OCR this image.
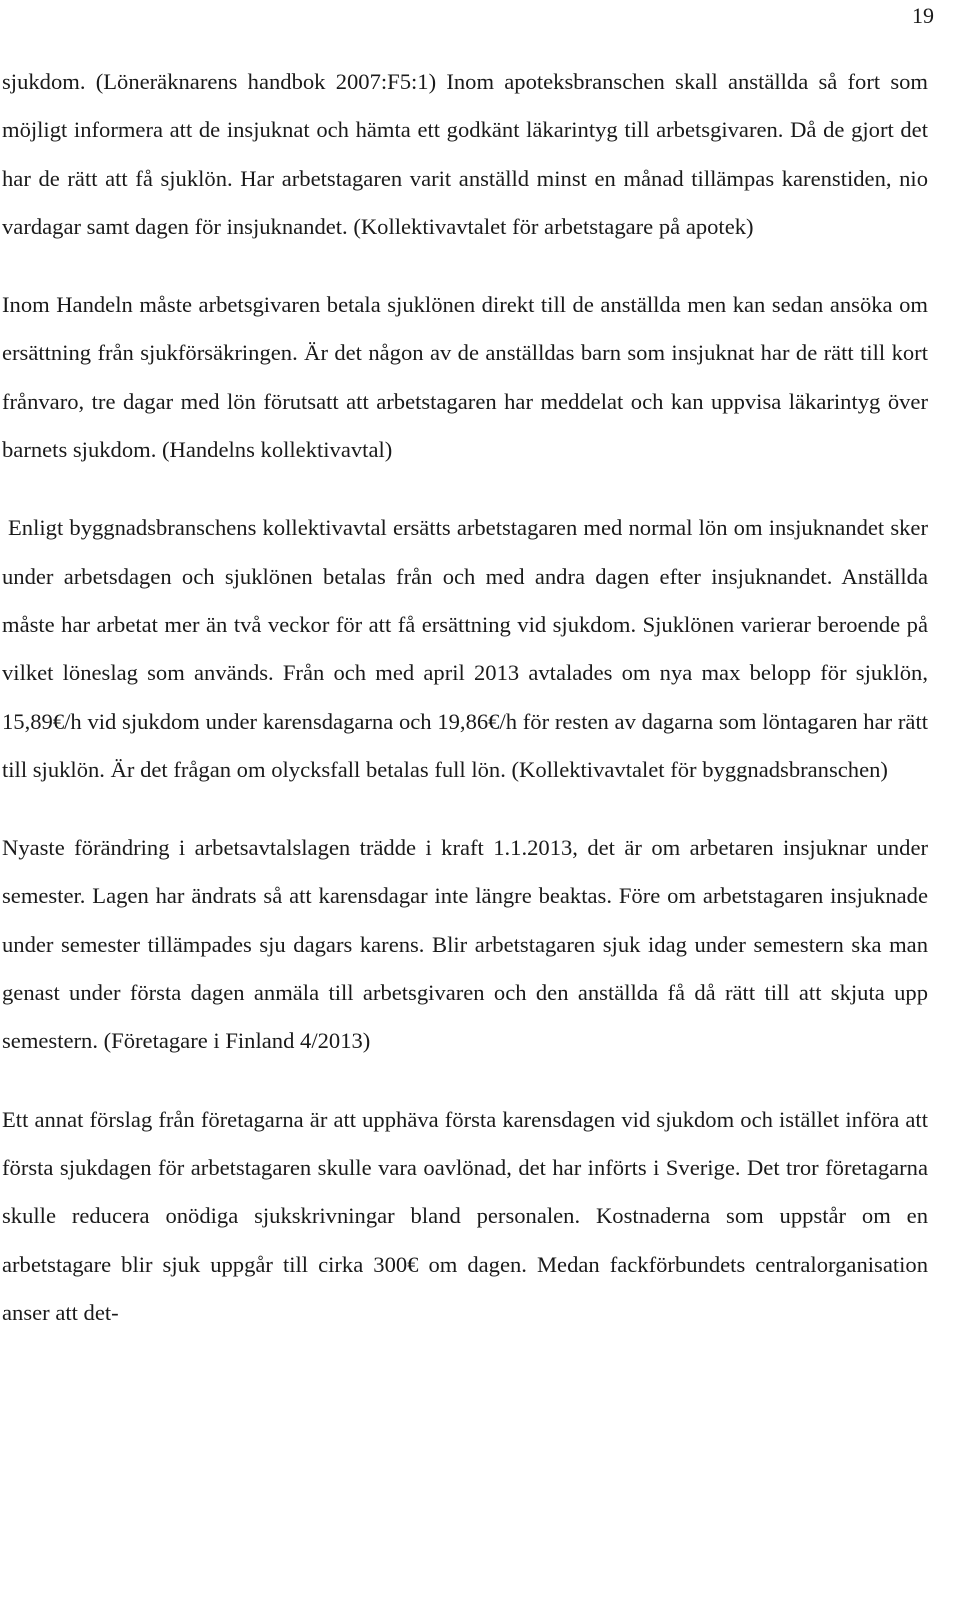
19

sjukdom. (Löneräknarens handbok 2007:F5:1) Inom apoteksbranschen skall anställda så fort som möjligt informera att de insjuknat och hämta ett godkänt läkarintyg till arbetsgivaren. Då de gjort det har de rätt att få sjuklön. Har arbetstagaren varit anställd minst en månad tillämpas karenstiden, nio vardagar samt dagen för insjuknandet. (Kollektivavtalet för arbetstagare på apotek)

Inom Handeln måste arbetsgivaren betala sjuklönen direkt till de anställda men kan sedan ansöka om ersättning från sjukförsäkringen. Är det någon av de anställdas barn som insjuknat har de rätt till kort frånvaro, tre dagar med lön förutsatt att arbetstagaren har meddelat och kan uppvisa läkarintyg över barnets sjukdom. (Handelns kollektivavtal)

Enligt byggnadsbranschens kollektivavtal ersätts arbetstagaren med normal lön om insjuknandet sker under arbetsdagen och sjuklönen betalas från och med andra dagen efter insjuknandet. Anställda måste har arbetat mer än två veckor för att få ersättning vid sjukdom. Sjuklönen varierar beroende på vilket löneslag som används. Från och med april 2013 avtalades om nya max belopp för sjuklön, 15,89€/h vid sjukdom under karensdagarna och 19,86€/h för resten av dagarna som löntagaren har rätt till sjuklön. Är det frågan om olycksfall betalas full lön. (Kollektivavtalet för byggnadsbranschen)

Nyaste förändring i arbetsavtalslagen trädde i kraft 1.1.2013, det är om arbetaren insjuknar under semester. Lagen har ändrats så att karensdagar inte längre beaktas. Före om arbetstagaren insjuknade under semester tillämpades sju dagars karens. Blir arbetstagaren sjuk idag under semestern ska man genast under första dagen anmäla till arbetsgivaren och den anställda få då rätt till att skjuta upp semestern. (Företagare i Finland 4/2013)

Ett annat förslag från företagarna är att upphäva första karensdagen vid sjukdom och istället införa att första sjukdagen för arbetstagaren skulle vara oavlönad, det har införts i Sverige. Det tror företagarna skulle reducera onödiga sjukskrivningar bland personalen. Kostnaderna som uppstår om en arbetstagare blir sjuk uppgår till cirka 300€ om dagen. Medan fackförbundets centralorganisation anser att det-
